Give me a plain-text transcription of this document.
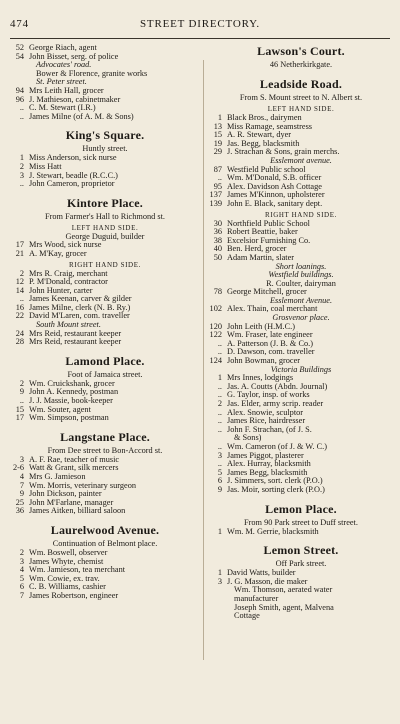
474	STREET DIRECTORY.
52 George Riach, agent
54 John Bisset, serg. of police
Advocates' road.
Bower & Florence, granite works
St. Peter street.
94 Mrs Leith Hall, grocer
96 J. Mathieson, cabinetmaker
.. C. M. Stewart (I.R.)
.. James Milne (of A. M. & Sons)
King's Square.
Huntly street.
1 Miss Anderson, sick nurse
2 Miss Hatt
3 J. Stewart, beadle (R.C.C.)
.. John Cameron, proprietor
Kintore Place.
From Farmer's Hall to Richmond st.
LEFT HAND SIDE.
George Duguid, builder
17 Mrs Wood, sick nurse
21 A. M'Kay, grocer
RIGHT HAND SIDE.
2 Mrs R. Craig, merchant
12 P. M'Donald, contractor
14 John Hunter, carter
.. James Keenan, carver & gilder
16 James Milne, clerk (N. B. Ry.)
22 David M'Laren, com. traveller
South Mount street.
24 Mrs Reid, restaurant keeper
28 Mrs Reid, restaurant keeper
Lamond Place.
Foot of Jamaica street.
2 Wm. Cruickshank, grocer
9 John A. Kennedy, postman
.. J. J. Massie, book-keeper
15 Wm. Souter, agent
17 Wm. Simpson, postman
Langstane Place.
From Dee street to Bon-Accord st.
3 A. F. Rae, teacher of music
2-6 Watt & Grant, silk mercers
4 Mrs G. Jamieson
7 Wm. Morris, veterinary surgeon
9 John Dickson, painter
25 John M'Farlane, manager
36 James Aitken, billiard saloon
Laurelwood Avenue.
Continuation of Belmont place.
2 Wm. Boswell, observer
3 James Whyte, chemist
4 Wm. Jamieson, tea merchant
5 Wm. Cowie, ex. trav.
6 C. B. Williams, cashier
7 James Robertson, engineer
Lawson's Court.
46 Netherkirkgate.
Leadside Road.
From S. Mount street to N. Albert st.
LEFT HAND SIDE.
1 Black Bros., dairymen
13 Miss Ramage, seamstress
15 A. R. Stewart, dyer
19 Jas. Begg, blacksmith
29 J. Strachan & Sons, grain merchs.
Esslemont avenue.
87 Westfield Public school
.. Wm. M'Donald, S.B. officer
95 Alex. Davidson Ash Cottage
137 James M'Kinnon, upholsterer
139 John E. Black, sanitary dept.
RIGHT HAND SIDE.
30 Northfield Public School
36 Robert Beattie, baker
38 Excelsior Furnishing Co.
40 Ben. Herd, grocer
50 Adam Martin, slater
Short loanings.
Westfield buildings.
R. Coulter, dairyman
78 George Mitchell, grocer
Esslemont Avenue.
102 Alex. Thain, coal merchant
Grosvenor place.
120 John Leith (H.M.C.)
122 Wm. Fraser, late engineer
.. A. Patterson (J. B. & Co.)
.. D. Dawson, com. traveller
124 John Bowman, grocer
Victoria Buildings
1 Mrs Innes, lodgings
.. Jas. A. Coutts (Abdn. Journal)
.. G. Taylor, insp. of works
2 Jas. Elder, army scrip. reader
.. Alex. Snowie, sculptor
.. James Rice, hairdresser
.. John F. Strachan, (of J. S.
& Sons)
.. Wm. Cameron (of J. & W. C.)
3 James Piggot, plasterer
.. Alex. Hurray, blacksmith
5 James Begg, blacksmith
6 J. Simmers, sort. clerk (P.O.)
9 Jas. Moir, sorting clerk (P.O.)
Lemon Place.
From 90 Park street to Duff street.
1 Wm. M. Gerrie, blacksmith
Lemon Street.
Off Park street.
1 David Watts, builder
3 J. G. Masson, die maker
Wm. Thomson, aerated water
manufacturer
Joseph Smith, agent, Malvena
Cottage
